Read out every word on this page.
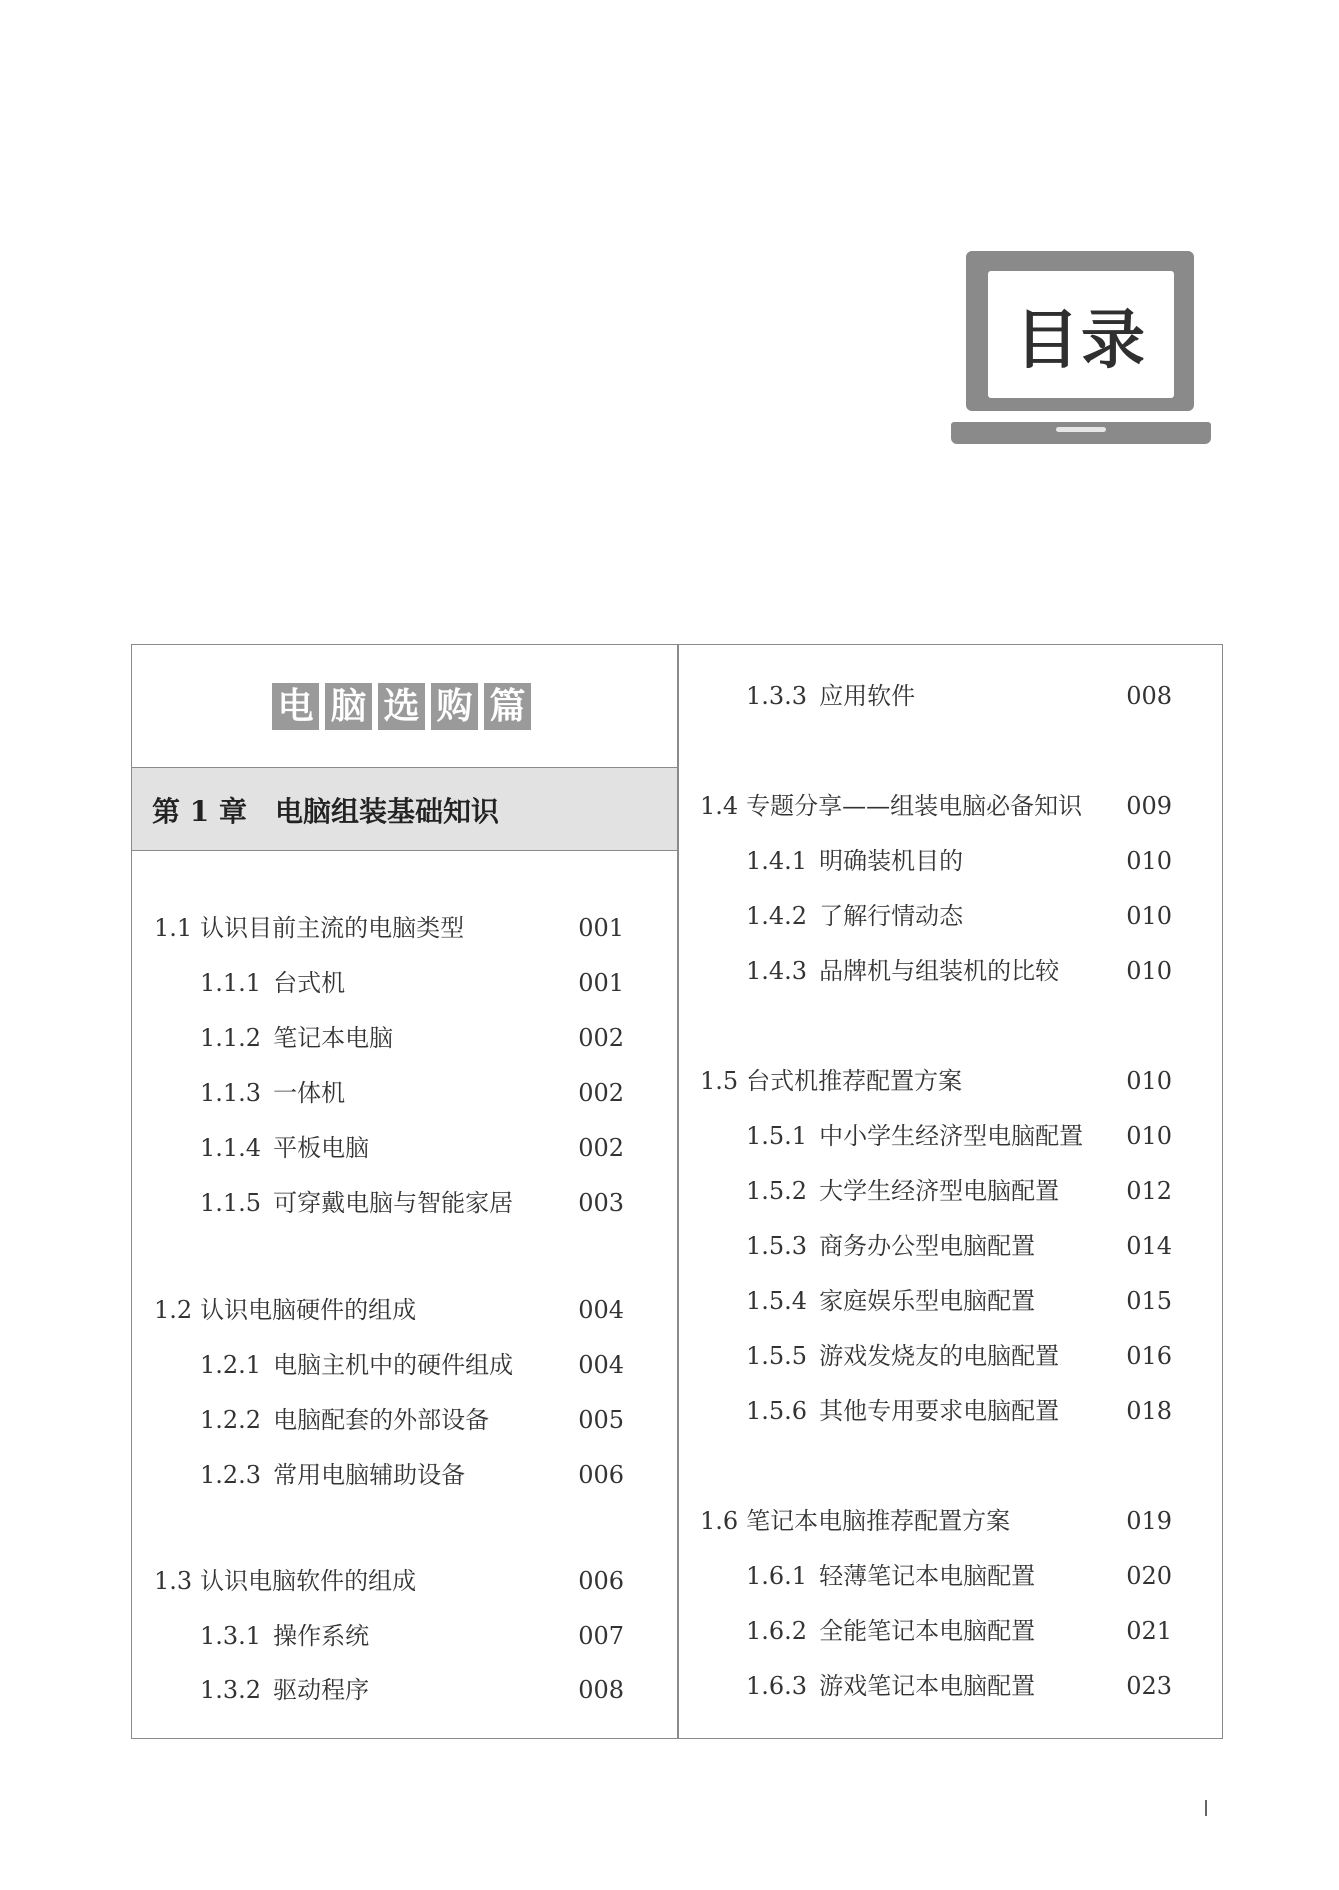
目录
电 脑 选 购 篇
第 1 章　电脑组装基础知识
1.1 认识目前主流的电脑类型	001
1.1.1 台式机	001
1.1.2 笔记本电脑	002
1.1.3 一体机	002
1.1.4 平板电脑	002
1.1.5 可穿戴电脑与智能家居	003
1.2 认识电脑硬件的组成	004
1.2.1 电脑主机中的硬件组成	004
1.2.2 电脑配套的外部设备	005
1.2.3 常用电脑辅助设备	006
1.3 认识电脑软件的组成	006
1.3.1 操作系统	007
1.3.2 驱动程序	008
1.3.3 应用软件	008
1.4 专题分享——组装电脑必备知识	009
1.4.1 明确装机目的	010
1.4.2 了解行情动态	010
1.4.3 品牌机与组装机的比较	010
1.5 台式机推荐配置方案	010
1.5.1 中小学生经济型电脑配置	010
1.5.2 大学生经济型电脑配置	012
1.5.3 商务办公型电脑配置	014
1.5.4 家庭娱乐型电脑配置	015
1.5.5 游戏发烧友的电脑配置	016
1.5.6 其他专用要求电脑配置	018
1.6 笔记本电脑推荐配置方案	019
1.6.1 轻薄笔记本电脑配置	020
1.6.2 全能笔记本电脑配置	021
1.6.3 游戏笔记本电脑配置	023
